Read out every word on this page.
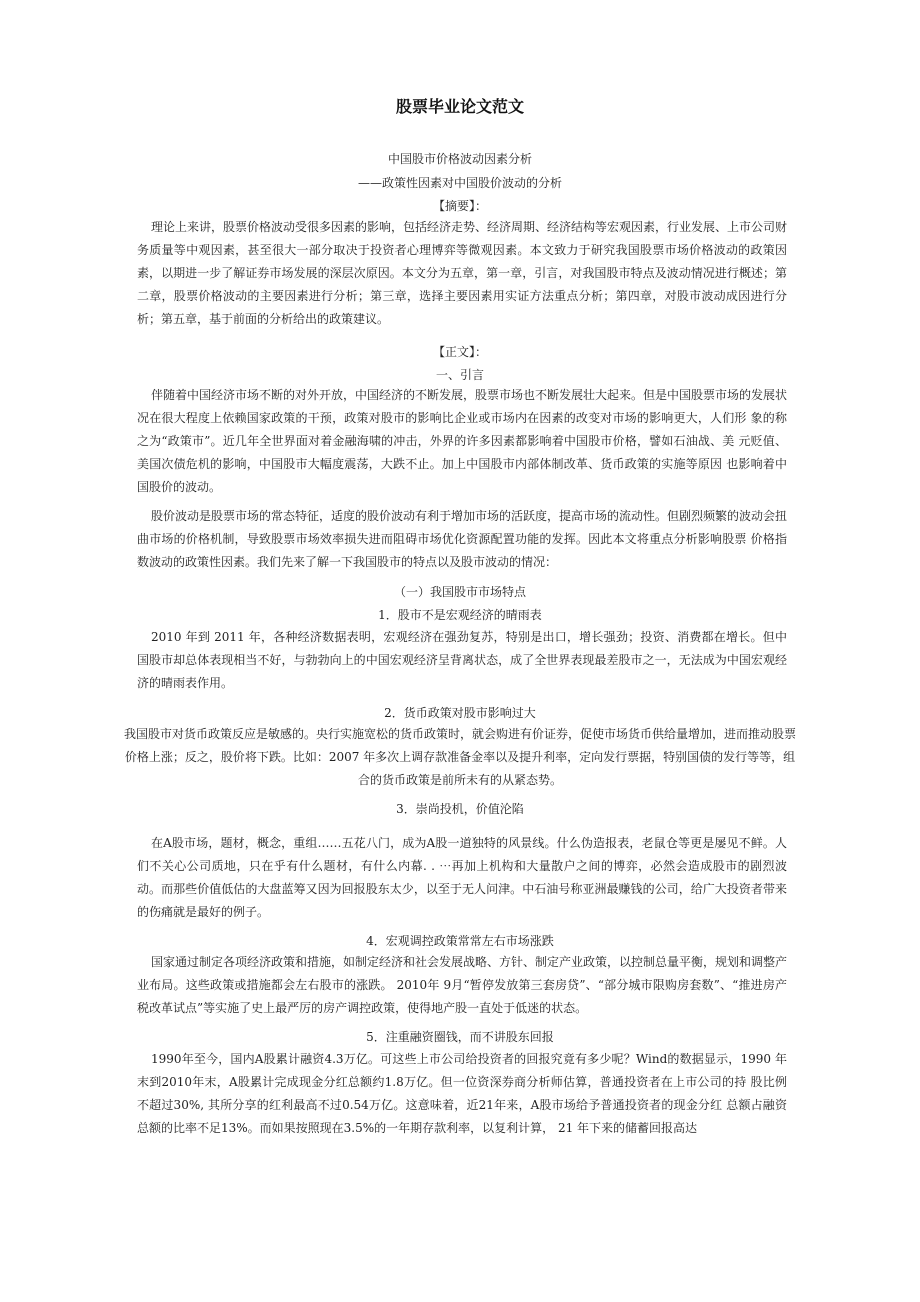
股票毕业论文范文

中国股市价格波动因素分析

——政策性因素对中国股价波动的分析

【摘要】：

理论上来讲，股票价格波动受很多因素的影响，包括经济走势、经济周期、经济结构等宏观因素，行业发展、上市公司财务质量等中观因素，甚至很大一部分取决于投资者心理博弈等微观因素。本文致力于研究我国股票市场价格波动的政策因素，以期进一步了解证券市场发展的深层次原因。本文分为五章，第一章，引言，对我国股市特点及波动情况进行概述；第二章，股票价格波动的主要因素进行分析；第三章，选择主要因素用实证方法重点分析；第四章，对股市波动成因进行分析；第五章，基于前面的分析给出的政策建议。

【正文】：

一、引言

伴随着中国经济市场不断的对外开放，中国经济的不断发展，股票市场也不断发展壮大起来。但是中国股票市场的发展状况在很大程度上依赖国家政策的干预，政策对股市的影响比企业或市场内在因素的改变对市场的影响更大，人们形 象的称之为“政策市”。近几年全世界面对着金融海啸的冲击，外界的许多因素都影响着中国股市价格，譬如石油战、美 元贬值、美国次债危机的影响，中国股市大幅度震荡，大跌不止。加上中国股市内部体制改革、货币政策的实施等原因 也影响着中国股价的波动。

股价波动是股票市场的常态特征，适度的股价波动有利于增加市场的活跃度，提高市场的流动性。但剧烈频繁的波动会扭曲市场的价格机制，导致股票市场效率损失进而阻碍市场优化资源配置功能的发挥。因此本文将重点分析影响股票 价格指数波动的政策性因素。我们先来了解一下我国股市的特点以及股市波动的情况：

（一）我国股市市场特点

1．股市不是宏观经济的晴雨表

2010 年到 2011 年，各种经济数据表明，宏观经济在强劲复苏，特别是出口，增长强劲；投资、消费都在增长。但中国股市却总体表现相当不好，与勃勃向上的中国宏观经济呈背离状态，成了全世界表现最差股市之一，无法成为中国宏观经济的晴雨表作用。

2．货币政策对股市影响过大

我国股市对货币政策反应是敏感的。央行实施宽松的货币政策时，就会购进有价证券，促使市场货币供给量增加，进而推动股票价格上涨；反之，股价将下跌。比如：2007 年多次上调存款准备金率以及提升利率，定向发行票据，特别国债的发行等等，组合的货币政策是前所未有的从紧态势。

3．崇尚投机，价值沦陷

在A股市场，题材，概念，重组……五花八门，成为A股一道独特的风景线。什么伪造报表，老鼠仓等更是屡见不鲜。人们不关心公司质地，只在乎有什么题材，有什么内幕. . ⋯再加上机构和大量散户之间的博弈，必然会造成股市的剧烈波动。而那些价值低估的大盘蓝筹又因为回报股东太少，以至于无人问津。中石油号称亚洲最赚钱的公司，给广大投资者带来的伤痛就是最好的例子。

4．宏观调控政策常常左右市场涨跌

国家通过制定各项经济政策和措施，如制定经济和社会发展战略、方针、制定产业政策，以控制总量平衡，规划和调整产业布局。这些政策或措施都会左右股市的涨跌。 2010年 9月“暂停发放第三套房贷”、“部分城市限购房套数”、“推进房产税改革试点”等实施了史上最严厉的房产调控政策，使得地产股一直处于低迷的状态。

5．注重融资圈钱，而不讲股东回报

1990年至今，国内A股累计融资4.3万亿。可这些上市公司给投资者的回报究竟有多少呢？Wind的数据显示，1990 年末到2010年末，A股累计完成现金分红总额约1.8万亿。但一位资深券商分析师估算，普通投资者在上市公司的持 股比例不超过30%, 其所分享的红利最高不过0.54万亿。这意味着，近21年来，A股市场给予普通投资者的现金分红 总额占融资总额的比率不足13%。而如果按照现在3.5%的一年期存款利率，以复利计算， 21 年下来的储蓄回报高达
